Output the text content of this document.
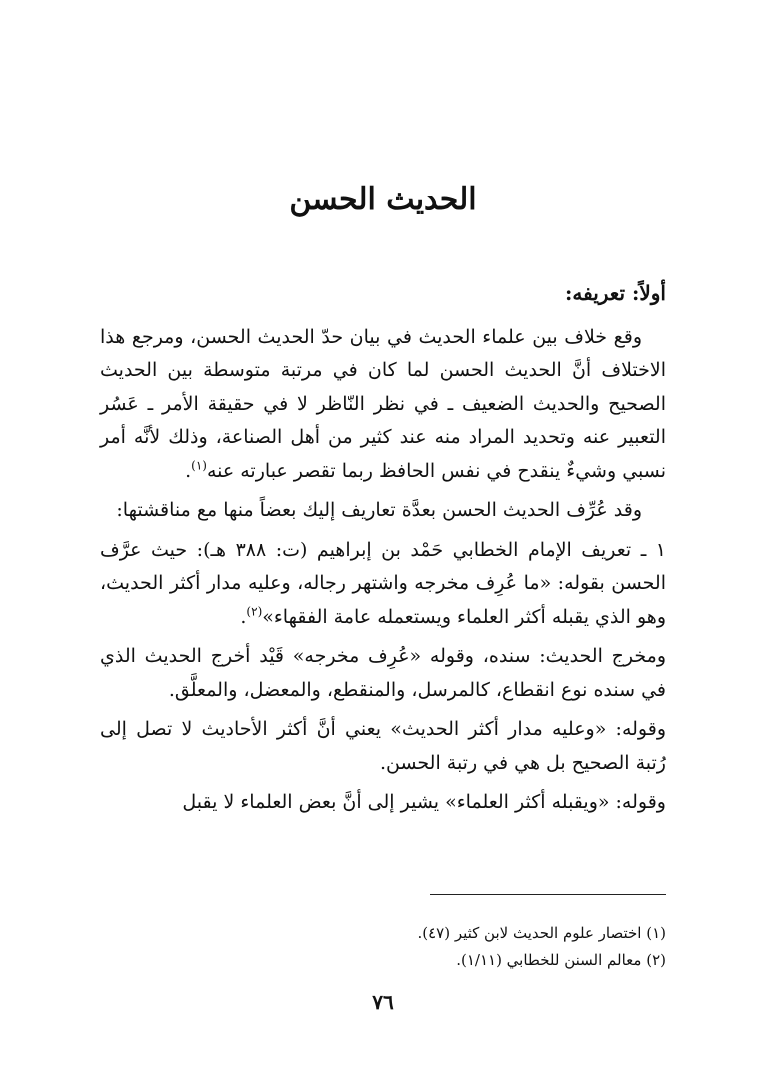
الحديث الحسن

أولاً: تعريفه:

وقع خلاف بين علماء الحديث في بيان حدّ الحديث الحسن، ومرجع هذا الاختلاف أنَّ الحديث الحسن لما كان في مرتبة متوسطة بين الحديث الصحيح والحديث الضعيف ـ في نظر النّاظر لا في حقيقة الأمر ـ عَسُر التعبير عنه وتحديد المراد منه عند كثير من أهل الصناعة، وذلك لأنَّه أمر نسبي وشيءٌ ينقدح في نفس الحافظ ربما تقصر عبارته عنه$^{(١)}$.

وقد عُرِّف الحديث الحسن بعدَّة تعاريف إليك بعضاً منها مع مناقشتها:

١ ـ تعريف الإمام الخطابي حَمْد بن إبراهيم (ت: ٣٨٨ هـ): حيث عرَّف الحسن بقوله: «ما عُرِف مخرجه واشتهر رجاله، وعليه مدار أكثر الحديث، وهو الذي يقبله أكثر العلماء ويستعمله عامة الفقهاء»$^{(٢)}$.

ومخرج الحديث: سنده، وقوله «عُرِف مخرجه» قَيْد أخرج الحديث الذي في سنده نوع انقطاع، كالمرسل، والمنقطع، والمعضل، والمعلَّق.

وقوله: «وعليه مدار أكثر الحديث» يعني أنَّ أكثر الأحاديث لا تصل إلى رُتبة الصحيح بل هي في رتبة الحسن.

وقوله: «ويقبله أكثر العلماء» يشير إلى أنَّ بعض العلماء لا يقبل

(١) اختصار علوم الحديث لابن كثير (٤٧).
(٢) معالم السنن للخطابي (١/١١).
٧٦
